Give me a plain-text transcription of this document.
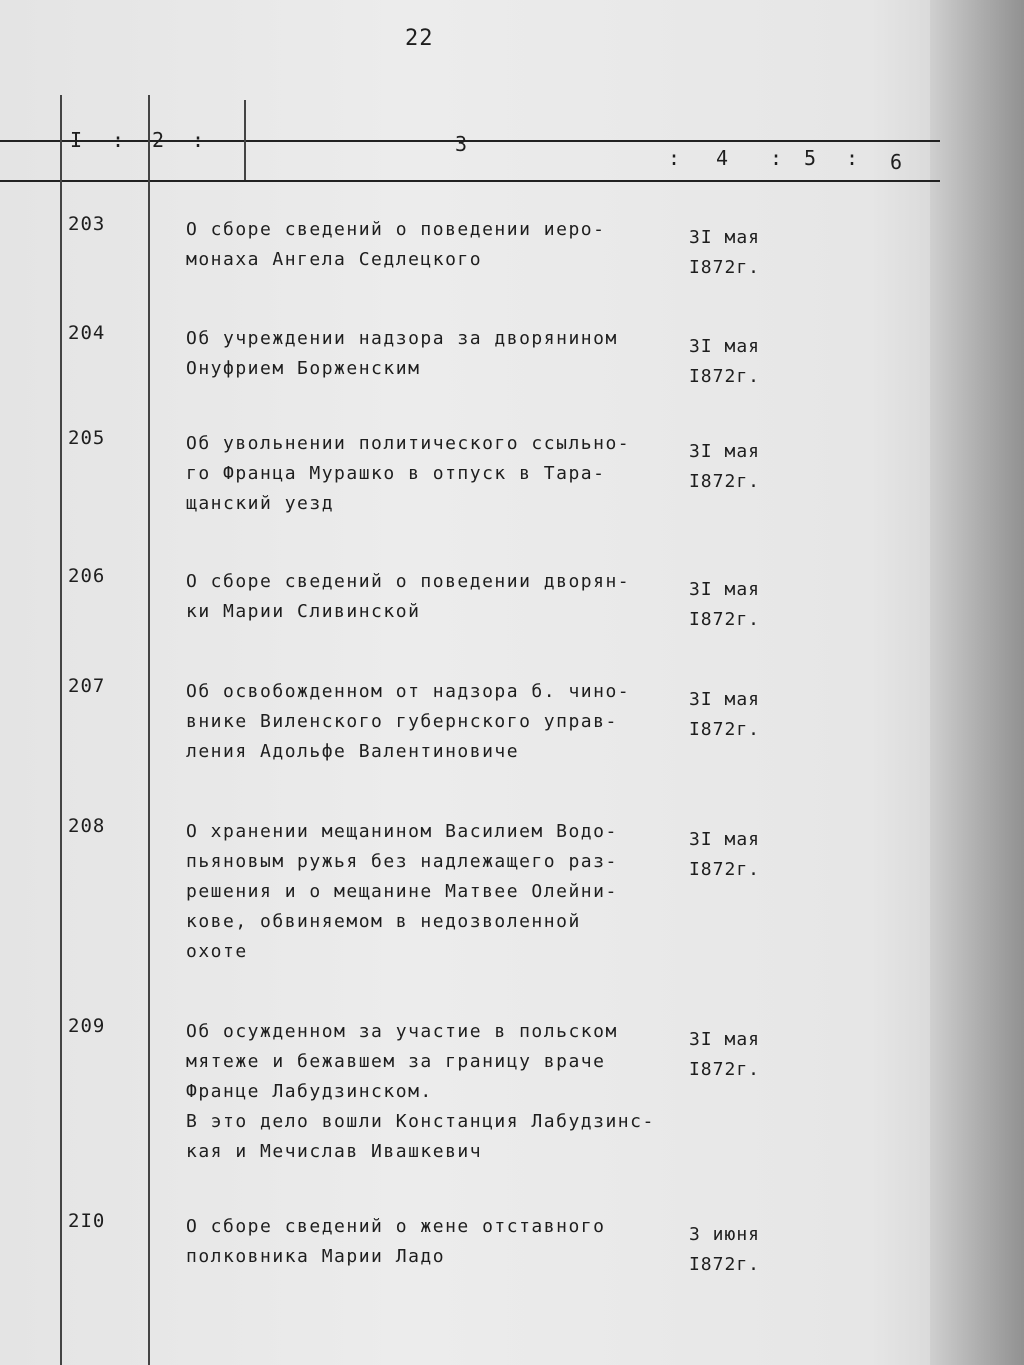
22
I : 2 :	3
: 4 : 5 : 6
203	О сборе сведений о поведении иеро-
монаха Ангела Седлецкого
3I мая
I872г.
204	Об учреждении надзора за дворянином
Онуфрием Борженским
3I мая
I872г.
205	Об увольнении политического ссыльно-
го Франца Мурашко в отпуск в Тара-
щанский уезд
3I мая
I872г.
206	О сборе сведений о поведении дворян-
ки Марии Сливинской
3I мая
I872г.
207	Об освобожденном от надзора б. чино-
внике Виленского губернского управ-
ления Адольфе Валентиновиче
3I мая
I872г.
208	О хранении мещанином Василием Водо-
пьяновым ружья без надлежащего раз-
решения и о мещанине Матвее Олейни-
кове, обвиняемом в недозволенной
охоте
3I мая
I872г.
209	Об осужденном за участие в польском
мятеже и бежавшем за границу враче
Франце Лабудзинском.
В это дело вошли Констанция Лабудзинс-
кая и Мечислав Ивашкевич
3I мая
I872г.
2I0	О сборе сведений о жене отставного
полковника Марии Ладо
3 июня
I872г.
